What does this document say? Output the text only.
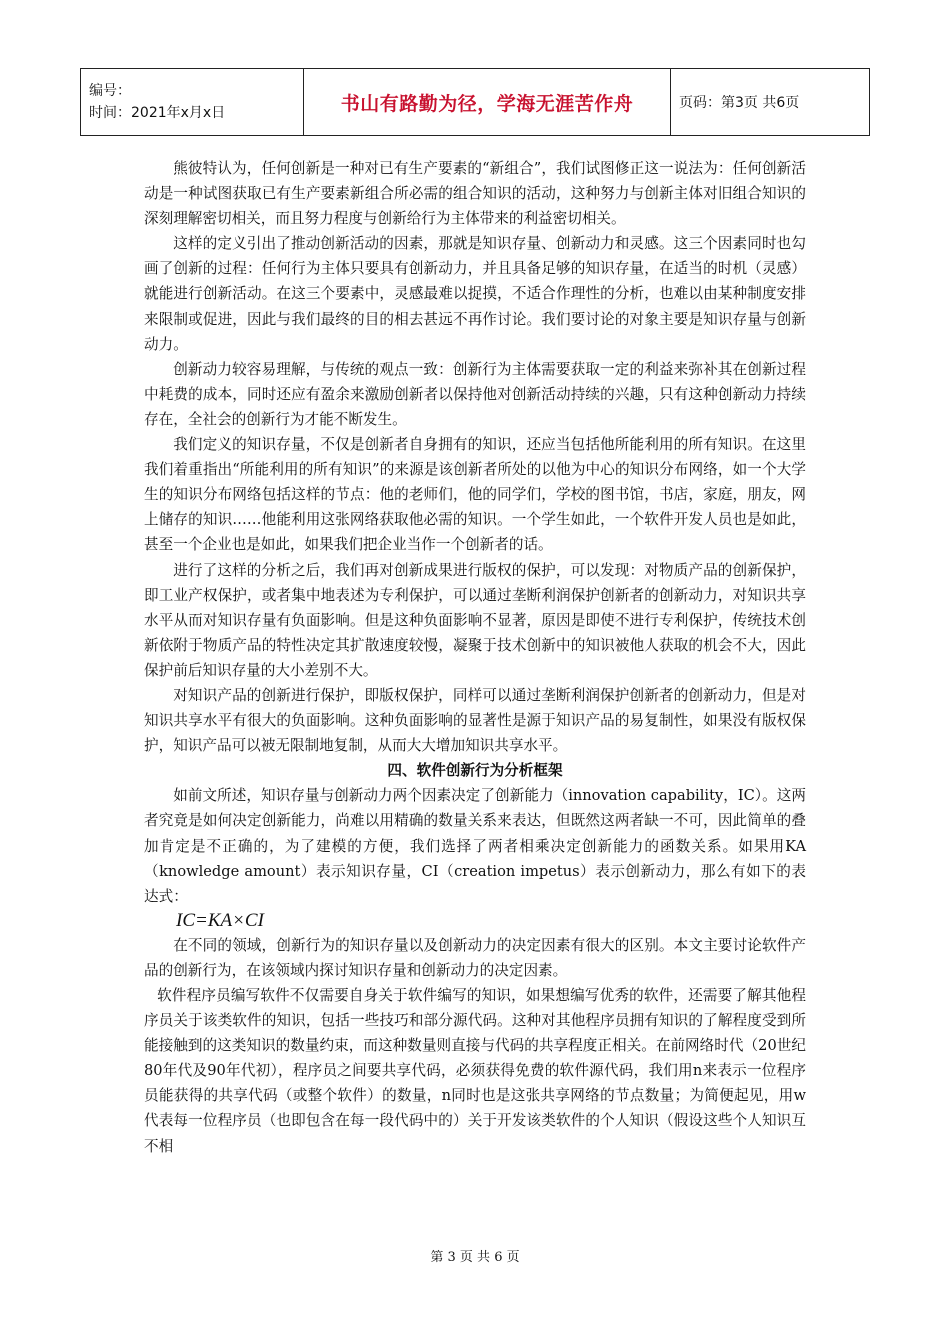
编号：
时间：2021年x月x日	书山有路勤为径，学海无涯苦作舟	页码：第3页 共6页

熊彼特认为，任何创新是一种对已有生产要素的“新组合”，我们试图修正这一说法为：任何创新活动是一种试图获取已有生产要素新组合所必需的组合知识的活动，这种努力与创新主体对旧组合知识的深刻理解密切相关，而且努力程度与创新给行为主体带来的利益密切相关。

这样的定义引出了推动创新活动的因素，那就是知识存量、创新动力和灵感。这三个因素同时也勾画了创新的过程：任何行为主体只要具有创新动力，并且具备足够的知识存量，在适当的时机（灵感）就能进行创新活动。在这三个要素中，灵感最难以捉摸，不适合作理性的分析，也难以由某种制度安排来限制或促进，因此与我们最终的目的相去甚远不再作讨论。我们要讨论的对象主要是知识存量与创新动力。

创新动力较容易理解，与传统的观点一致：创新行为主体需要获取一定的利益来弥补其在创新过程中耗费的成本，同时还应有盈余来激励创新者以保持他对创新活动持续的兴趣，只有这种创新动力持续存在，全社会的创新行为才能不断发生。

我们定义的知识存量，不仅是创新者自身拥有的知识，还应当包括他所能利用的所有知识。在这里我们着重指出“所能利用的所有知识”的来源是该创新者所处的以他为中心的知识分布网络，如一个大学生的知识分布网络包括这样的节点：他的老师们，他的同学们，学校的图书馆，书店，家庭，朋友，网上储存的知识……他能利用这张网络获取他必需的知识。一个学生如此，一个软件开发人员也是如此，甚至一个企业也是如此，如果我们把企业当作一个创新者的话。

进行了这样的分析之后，我们再对创新成果进行版权的保护，可以发现：对物质产品的创新保护，即工业产权保护，或者集中地表述为专利保护，可以通过垄断利润保护创新者的创新动力，对知识共享水平从而对知识存量有负面影响。但是这种负面影响不显著，原因是即使不进行专利保护，传统技术创新依附于物质产品的特性决定其扩散速度较慢，凝聚于技术创新中的知识被他人获取的机会不大，因此保护前后知识存量的大小差别不大。

对知识产品的创新进行保护，即版权保护，同样可以通过垄断利润保护创新者的创新动力，但是对知识共享水平有很大的负面影响。这种负面影响的显著性是源于知识产品的易复制性，如果没有版权保护，知识产品可以被无限制地复制，从而大大增加知识共享水平。

四、软件创新行为分析框架

如前文所述，知识存量与创新动力两个因素决定了创新能力（innovation capability，IC）。这两者究竟是如何决定创新能力，尚难以用精确的数量关系来表达，但既然这两者缺一不可，因此简单的叠加肯定是不正确的，为了建模的方便，我们选择了两者相乘决定创新能力的函数关系。如果用KA（knowledge amount）表示知识存量，CI（creation impetus）表示创新动力，那么有如下的表达式：

IC=KA×CI

在不同的领域，创新行为的知识存量以及创新动力的决定因素有很大的区别。本文主要讨论软件产品的创新行为，在该领域内探讨知识存量和创新动力的决定因素。

软件程序员编写软件不仅需要自身关于软件编写的知识，如果想编写优秀的软件，还需要了解其他程序员关于该类软件的知识，包括一些技巧和部分源代码。这种对其他程序员拥有知识的了解程度受到所能接触到的这类知识的数量约束，而这种数量则直接与代码的共享程度正相关。在前网络时代（20世纪80年代及90年代初），程序员之间要共享代码，必须获得免费的软件源代码，我们用n来表示一位程序员能获得的共享代码（或整个软件）的数量，n同时也是这张共享网络的节点数量；为简便起见，用w代表每一位程序员（也即包含在每一段代码中的）关于开发该类软件的个人知识（假设这些个人知识互不相

第 3 页 共 6 页
